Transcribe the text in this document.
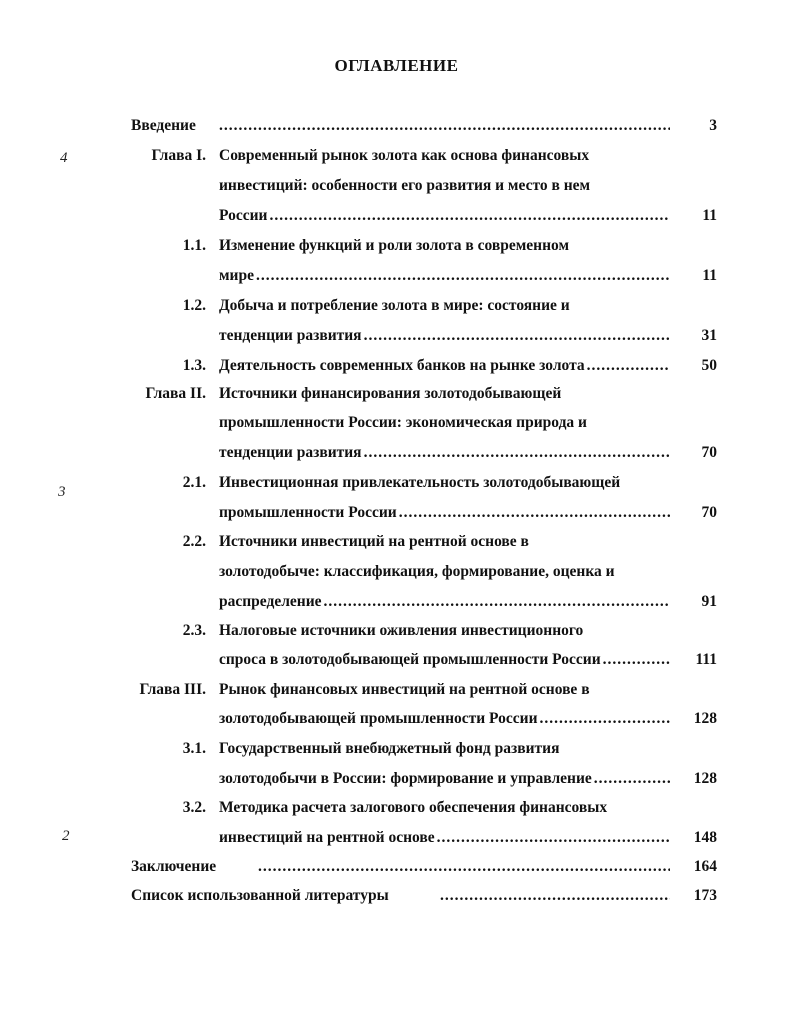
ОГЛАВЛЕНИЕ
Введение .....	3
Глава I. Современный рынок золота как основа финансовых
инвестиций: особенности его развития и место в нем
России .....	11
1.1. Изменение функций и роли золота в современном
мире .....	11
1.2. Добыча и потребление золота в мире: состояние и
тенденции развития .....	31
1.3. Деятельность современных банков на рынке золота .....	50
Глава II. Источники финансирования золотодобывающей
промышленности России: экономическая природа и
тенденции развития .....	70
2.1. Инвестиционная привлекательность золотодобывающей
промышленности России .....	70
2.2. Источники инвестиций на рентной основе в
золотодобыче: классификация, формирование, оценка и
распределение .....	91
2.3. Налоговые источники оживления инвестиционного
спроса в золотодобывающей промышленности России .....	111
Глава III. Рынок финансовых инвестиций на рентной основе в
золотодобывающей промышленности России .....	128
3.1. Государственный внебюджетный фонд развития
золотодобычи в России: формирование и управление .....	128
3.2. Методика расчета залогового обеспечения финансовых
инвестиций на рентной основе .....	148
Заключение .....	164
Список использованной литературы .....	173
4
3
2
